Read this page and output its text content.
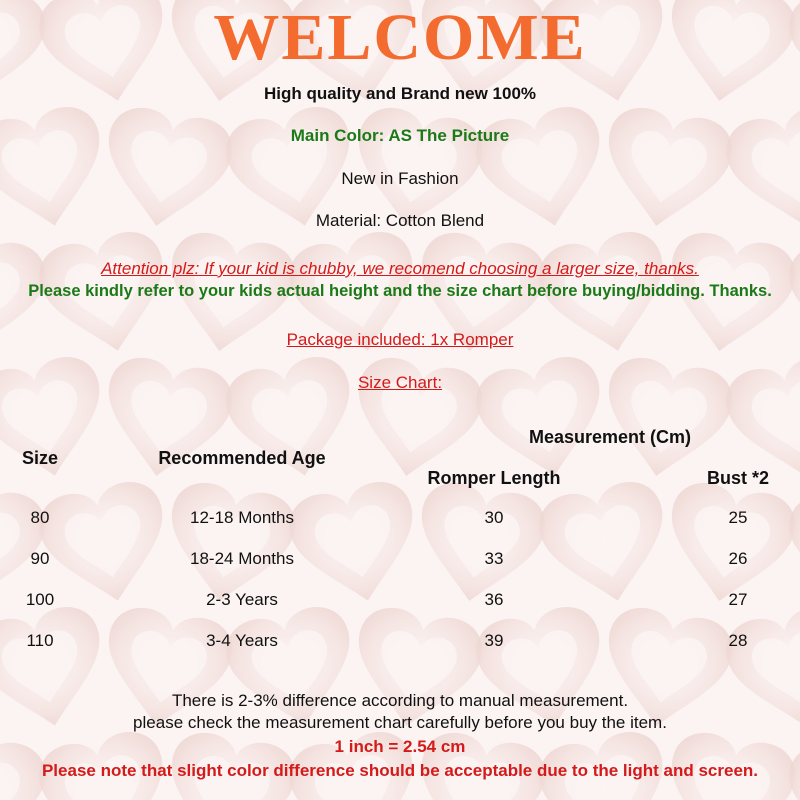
WELCOME
High quality and Brand new 100%
Main Color: AS The Picture
New in Fashion
Material: Cotton Blend
Attention plz: If your kid is chubby, we recomend choosing a larger size, thanks.
Please kindly refer to your kids actual height and the size chart before buying/bidding. Thanks.
Package included: 1x Romper
Size Chart:
Size	Recommended Age
Measurement (Cm)
Romper Length	Bust *2
80	12-18 Months	30	25
90	18-24 Months	33	26
100	2-3 Years	36	27
110	3-4 Years	39	28
There is 2-3% difference according to manual measurement.
please check the measurement chart carefully before you buy the item.
1 inch = 2.54 cm
Please note that slight color difference should be acceptable due to the light and screen.
